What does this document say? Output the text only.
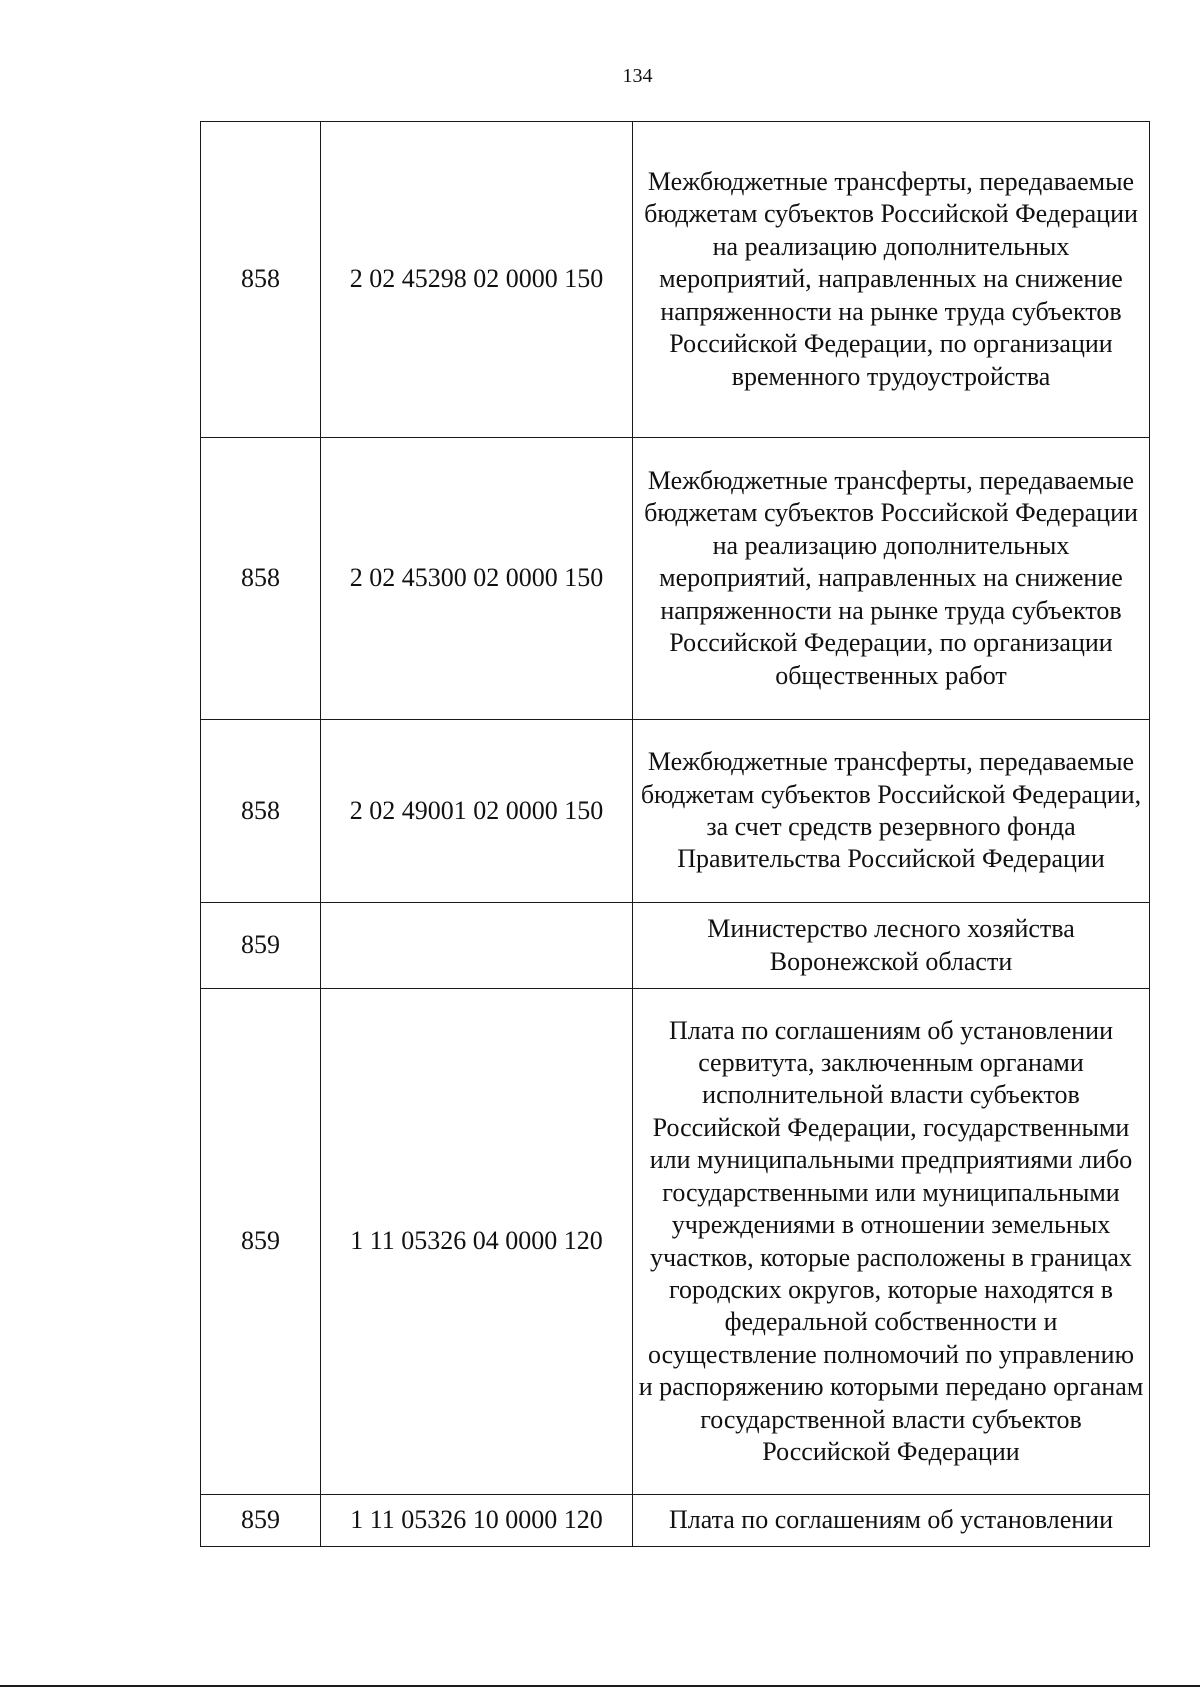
134
858	2 02 45298 02 0000 150	Межбюджетные трансферты, передаваемые бюджетам субъектов Российской Федерации на реализацию дополнительных мероприятий, направленных на снижение напряженности на рынке труда субъектов Российской Федерации, по организации временного трудоустройства
858	2 02 45300 02 0000 150	Межбюджетные трансферты, передаваемые бюджетам субъектов Российской Федерации на реализацию дополнительных мероприятий, направленных на снижение напряженности на рынке труда субъектов Российской Федерации, по организации общественных работ
858	2 02 49001 02 0000 150	Межбюджетные трансферты, передаваемые бюджетам субъектов Российской Федерации, за счет средств резервного фонда Правительства Российской Федерации
859		Министерство лесного хозяйства Воронежской области
859	1 11 05326 04 0000 120	Плата по соглашениям об установлении сервитута, заключенным органами исполнительной власти субъектов Российской Федерации, государственными или муниципальными предприятиями либо государственными или муниципальными учреждениями в отношении земельных участков, которые расположены в границах городских округов, которые находятся в федеральной собственности и осуществление полномочий по управлению и распоряжению которыми передано органам государственной власти субъектов Российской Федерации
859	1 11 05326 10 0000 120	Плата по соглашениям об установлении
